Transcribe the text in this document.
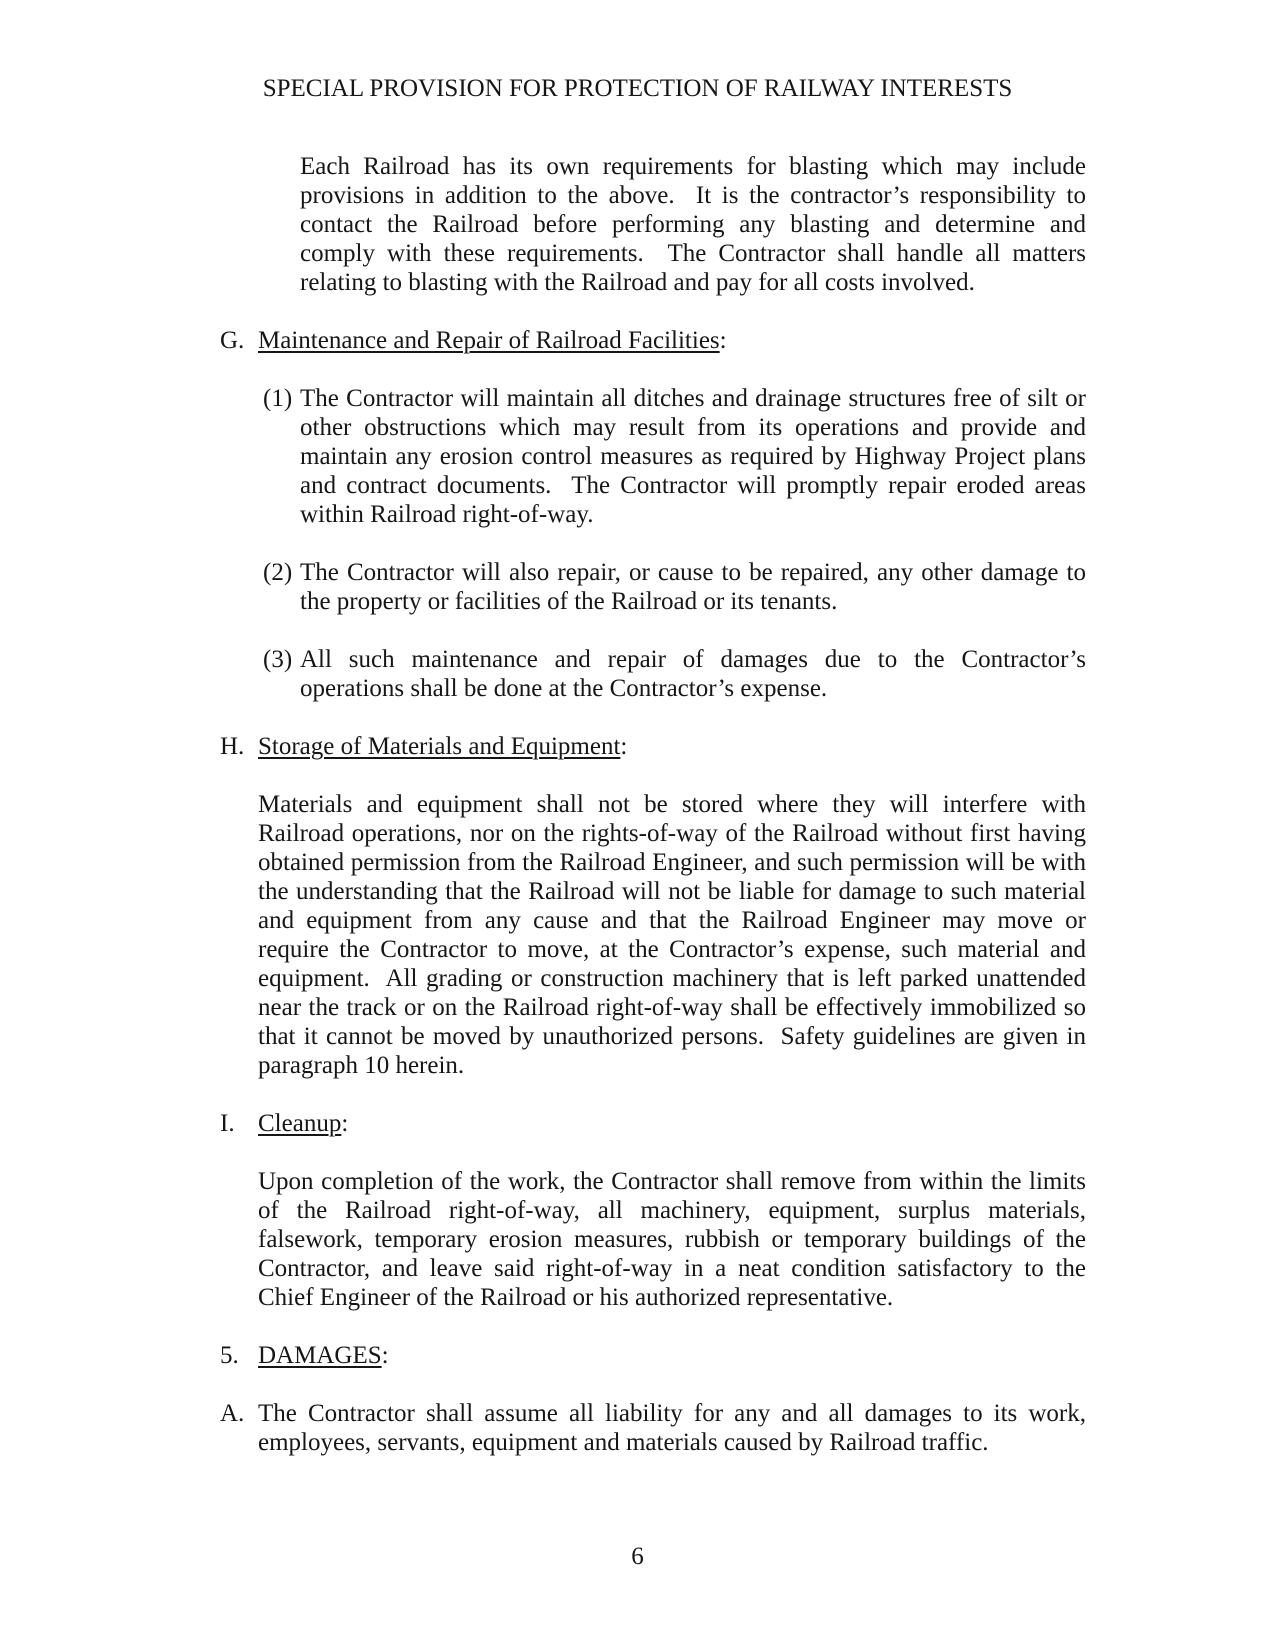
SPECIAL PROVISION FOR PROTECTION OF RAILWAY INTERESTS
Each Railroad has its own requirements for blasting which may include provisions in addition to the above.  It is the contractor’s responsibility to contact the Railroad before performing any blasting and determine and comply with these requirements.  The Contractor shall handle all matters relating to blasting with the Railroad and pay for all costs involved.
G. Maintenance and Repair of Railroad Facilities:
(1) The Contractor will maintain all ditches and drainage structures free of silt or other obstructions which may result from its operations and provide and maintain any erosion control measures as required by Highway Project plans and contract documents.  The Contractor will promptly repair eroded areas within Railroad right-of-way.
(2) The Contractor will also repair, or cause to be repaired, any other damage to the property or facilities of the Railroad or its tenants.
(3) All such maintenance and repair of damages due to the Contractor’s operations shall be done at the Contractor’s expense.
H. Storage of Materials and Equipment:
Materials and equipment shall not be stored where they will interfere with Railroad operations, nor on the rights-of-way of the Railroad without first having obtained permission from the Railroad Engineer, and such permission will be with the understanding that the Railroad will not be liable for damage to such material and equipment from any cause and that the Railroad Engineer may move or require the Contractor to move, at the Contractor’s expense, such material and equipment.  All grading or construction machinery that is left parked unattended near the track or on the Railroad right-of-way shall be effectively immobilized so that it cannot be moved by unauthorized persons.  Safety guidelines are given in paragraph 10 herein.
I. Cleanup:
Upon completion of the work, the Contractor shall remove from within the limits of the Railroad right-of-way, all machinery, equipment, surplus materials, falsework, temporary erosion measures, rubbish or temporary buildings of the Contractor, and leave said right-of-way in a neat condition satisfactory to the Chief Engineer of the Railroad or his authorized representative.
5. DAMAGES:
A. The Contractor shall assume all liability for any and all damages to its work, employees, servants, equipment and materials caused by Railroad traffic.
6
